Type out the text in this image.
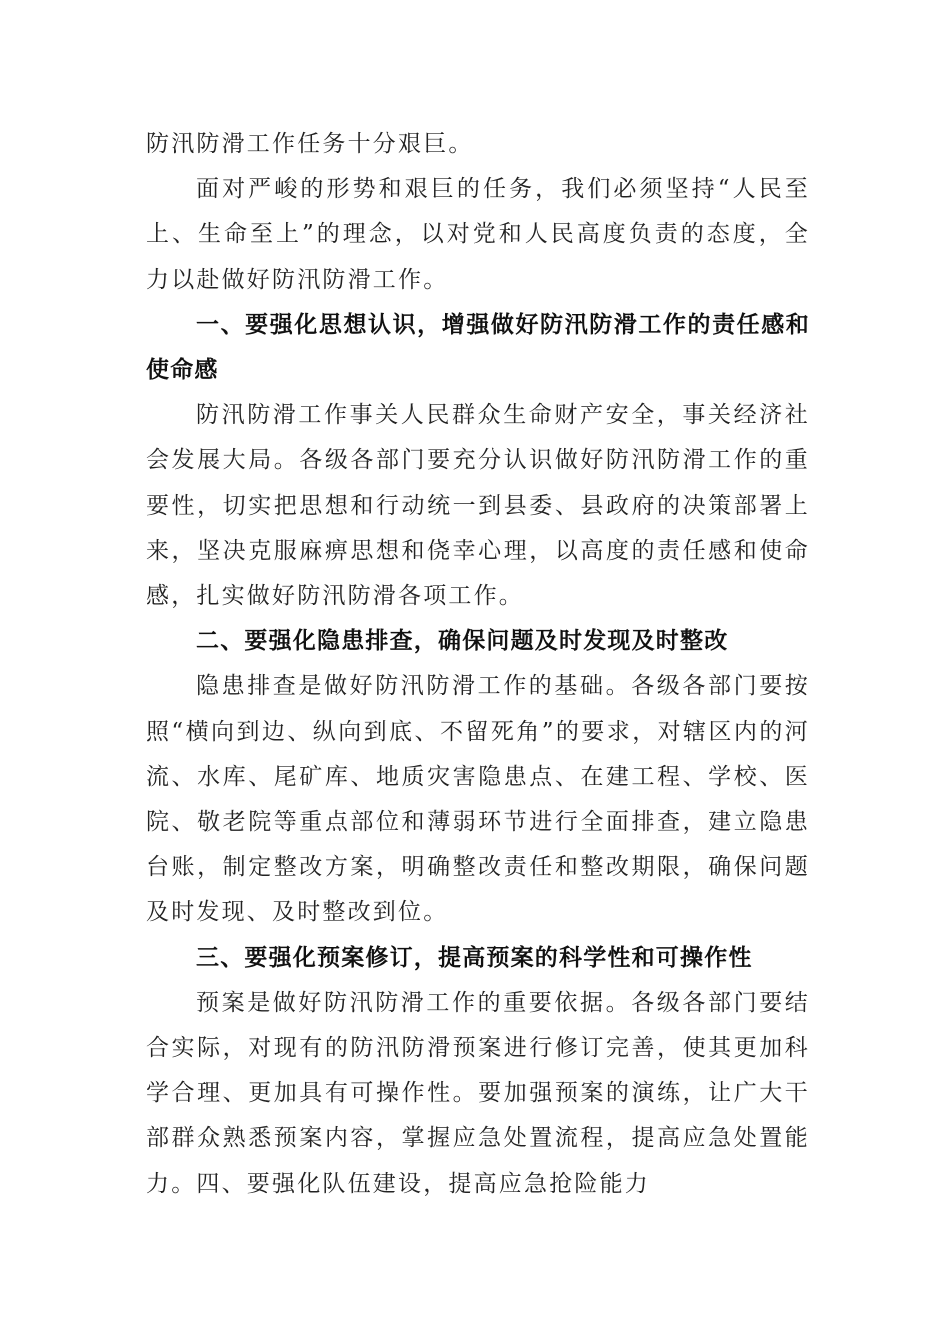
防汛防滑工作任务十分艰巨。

面对严峻的形势和艰巨的任务，我们必须坚持“人民至上、生命至上”的理念，以对党和人民高度负责的态度，全力以赴做好防汛防滑工作。

一、要强化思想认识，增强做好防汛防滑工作的责任感和使命感

防汛防滑工作事关人民群众生命财产安全，事关经济社会发展大局。各级各部门要充分认识做好防汛防滑工作的重要性，切实把思想和行动统一到县委、县政府的决策部署上来，坚决克服麻痹思想和侥幸心理，以高度的责任感和使命感，扎实做好防汛防滑各项工作。

二、要强化隐患排查，确保问题及时发现及时整改

隐患排查是做好防汛防滑工作的基础。各级各部门要按照“横向到边、纵向到底、不留死角”的要求，对辖区内的河流、水库、尾矿库、地质灾害隐患点、在建工程、学校、医院、敬老院等重点部位和薄弱环节进行全面排查，建立隐患台账，制定整改方案，明确整改责任和整改期限，确保问题及时发现、及时整改到位。

三、要强化预案修订，提高预案的科学性和可操作性

预案是做好防汛防滑工作的重要依据。各级各部门要结合实际，对现有的防汛防滑预案进行修订完善，使其更加科学合理、更加具有可操作性。要加强预案的演练，让广大干部群众熟悉预案内容，掌握应急处置流程，提高应急处置能力。四、要强化队伍建设，提高应急抢险能力
